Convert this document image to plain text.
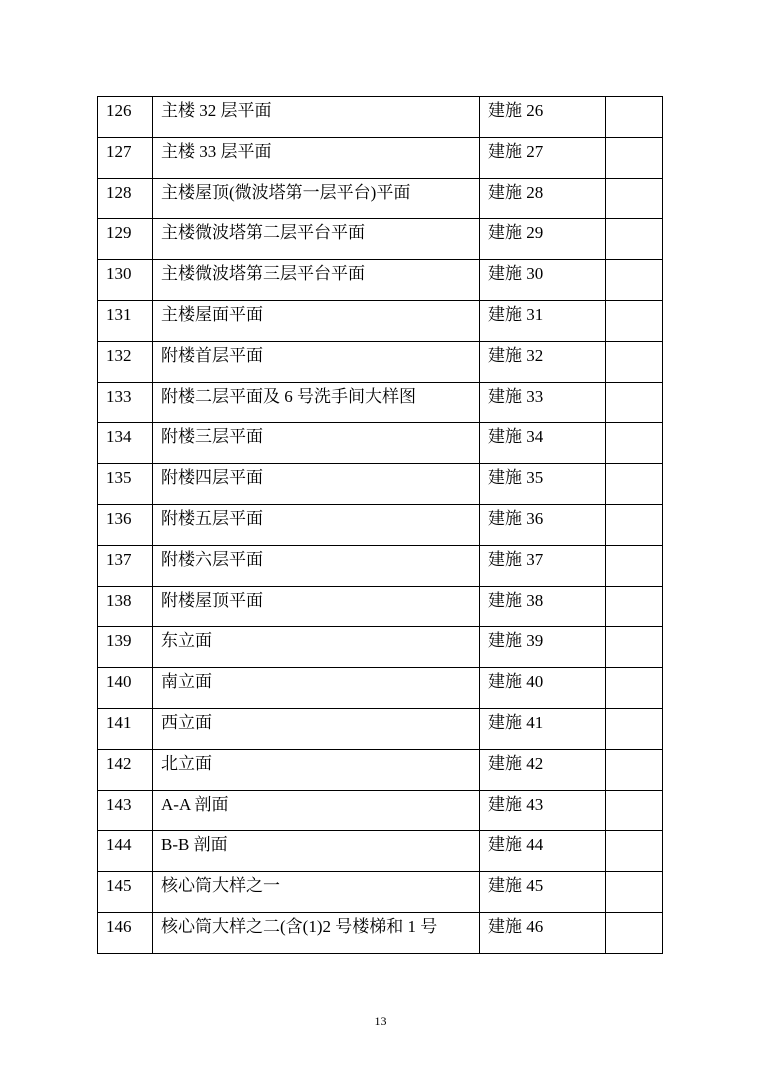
126	主楼 32 层平面	建施 26	
127	主楼 33 层平面	建施 27	
128	主楼屋顶(微波塔第一层平台)平面	建施 28	
129	主楼微波塔第二层平台平面	建施 29	
130	主楼微波塔第三层平台平面	建施 30	
131	主楼屋面平面	建施 31	
132	附楼首层平面	建施 32	
133	附楼二层平面及 6 号洗手间大样图	建施 33	
134	附楼三层平面	建施 34	
135	附楼四层平面	建施 35	
136	附楼五层平面	建施 36	
137	附楼六层平面	建施 37	
138	附楼屋顶平面	建施 38	
139	东立面	建施 39	
140	南立面	建施 40	
141	西立面	建施 41	
142	北立面	建施 42	
143	A-A 剖面	建施 43	
144	B-B 剖面	建施 44	
145	核心筒大样之一	建施 45	
146	核心筒大样之二(含(1)2 号楼梯和 1 号	建施 46	
13
